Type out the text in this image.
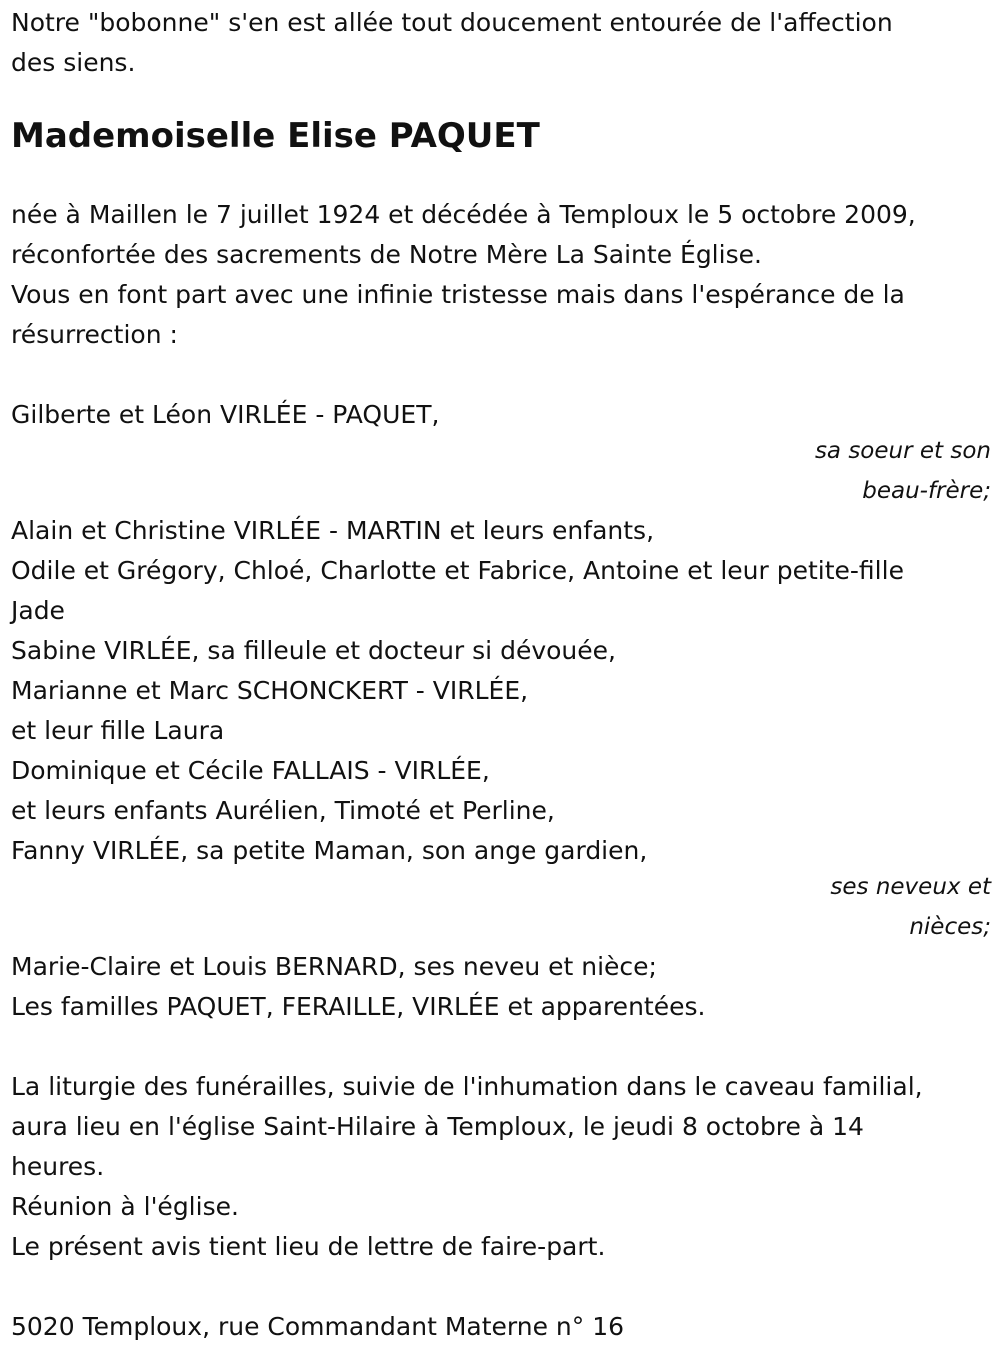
Notre "bobonne" s'en est allée tout doucement entourée de l'affection

des siens.

Mademoiselle Elise PAQUET

née à Maillen le 7 juillet 1924 et décédée à Temploux le 5 octobre 2009,

réconfortée des sacrements de Notre Mère La Sainte Église.

Vous en font part avec une infinie tristesse mais dans l'espérance de la

résurrection :

Gilberte et Léon VIRLÉE - PAQUET,

sa soeur et son
beau-frère;

Alain et Christine VIRLÉE - MARTIN et leurs enfants,

Odile et Grégory, Chloé, Charlotte et Fabrice, Antoine et leur petite-fille

Jade

Sabine VIRLÉE, sa filleule et docteur si dévouée,

Marianne et Marc SCHONCKERT - VIRLÉE,

et leur fille Laura

Dominique et Cécile FALLAIS - VIRLÉE,

et leurs enfants Aurélien, Timoté et Perline,

Fanny VIRLÉE, sa petite Maman, son ange gardien,

ses neveux et
nièces;

Marie-Claire et Louis BERNARD, ses neveu et nièce;

Les familles PAQUET, FERAILLE, VIRLÉE et apparentées.

La liturgie des funérailles, suivie de l'inhumation dans le caveau familial,

aura lieu en l'église Saint-Hilaire à Temploux, le jeudi 8 octobre à 14

heures.

Réunion à l'église.

Le présent avis tient lieu de lettre de faire-part.

5020 Temploux, rue Commandant Materne n° 16
